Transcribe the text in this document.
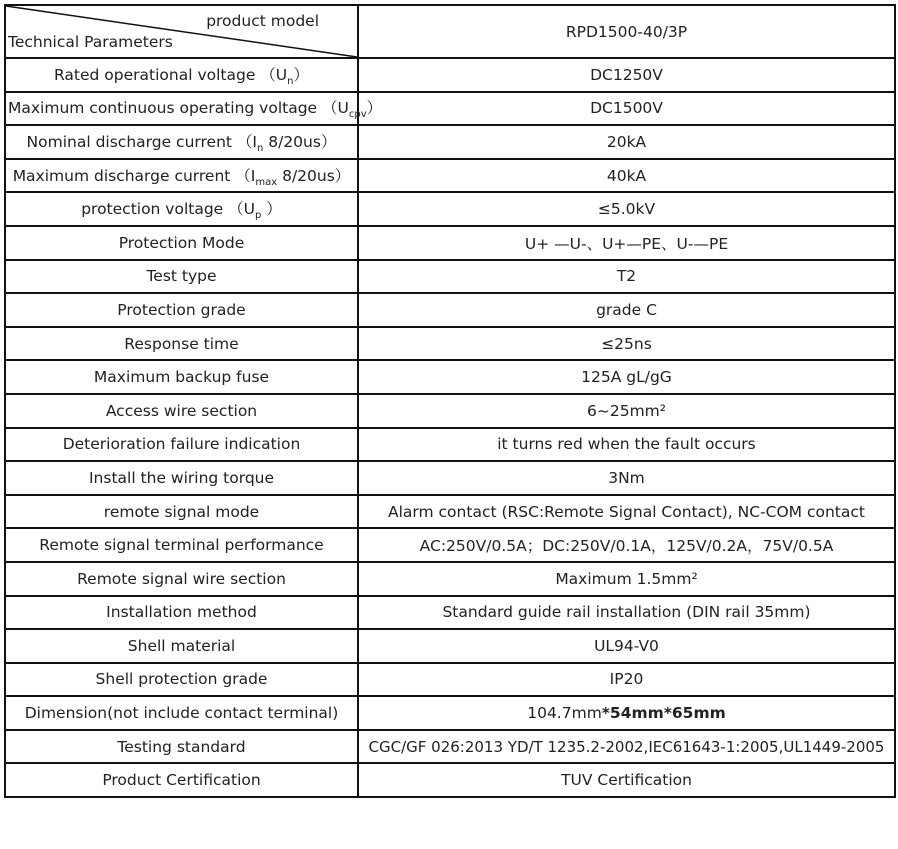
product model
Technical Parameters	RPD1500-40/3P
Rated operational voltage $(U_n)$	DC1250V
Maximum continuous operating voltage $(U_{cpv})$	DC1500V
Nominal discharge current （$I_n$ 8/20us）	20kA
Maximum discharge current （$I_{max}$ 8/20us）	40kA
protection voltage （$U_p$ ）	≤5.0kV
Protection Mode	U+ —U-、U+—PE、U-—PE
Test type	T2
Protection grade	grade C
Response time	≤25ns
Maximum backup fuse	125A gL/gG
Access wire section	6~25mm²
Deterioration failure indication	it turns red when the fault occurs
Install the wiring torque	3Nm
remote signal mode	Alarm contact (RSC:Remote Signal Contact), NC-COM contact
Remote signal terminal performance	AC:250V/0.5A；DC:250V/0.1A，125V/0.2A，75V/0.5A
Remote signal wire section	Maximum 1.5mm²
Installation method	Standard guide rail installation (DIN rail 35mm)
Shell material	UL94-V0
Shell protection grade	IP20
Dimension(not include contact terminal)	104.7mm*54mm*65mm
Testing standard	CGC/GF 026:2013 YD/T 1235.2-2002,IEC61643-1:2005,UL1449-2005
Product Certification	TUV Certification
